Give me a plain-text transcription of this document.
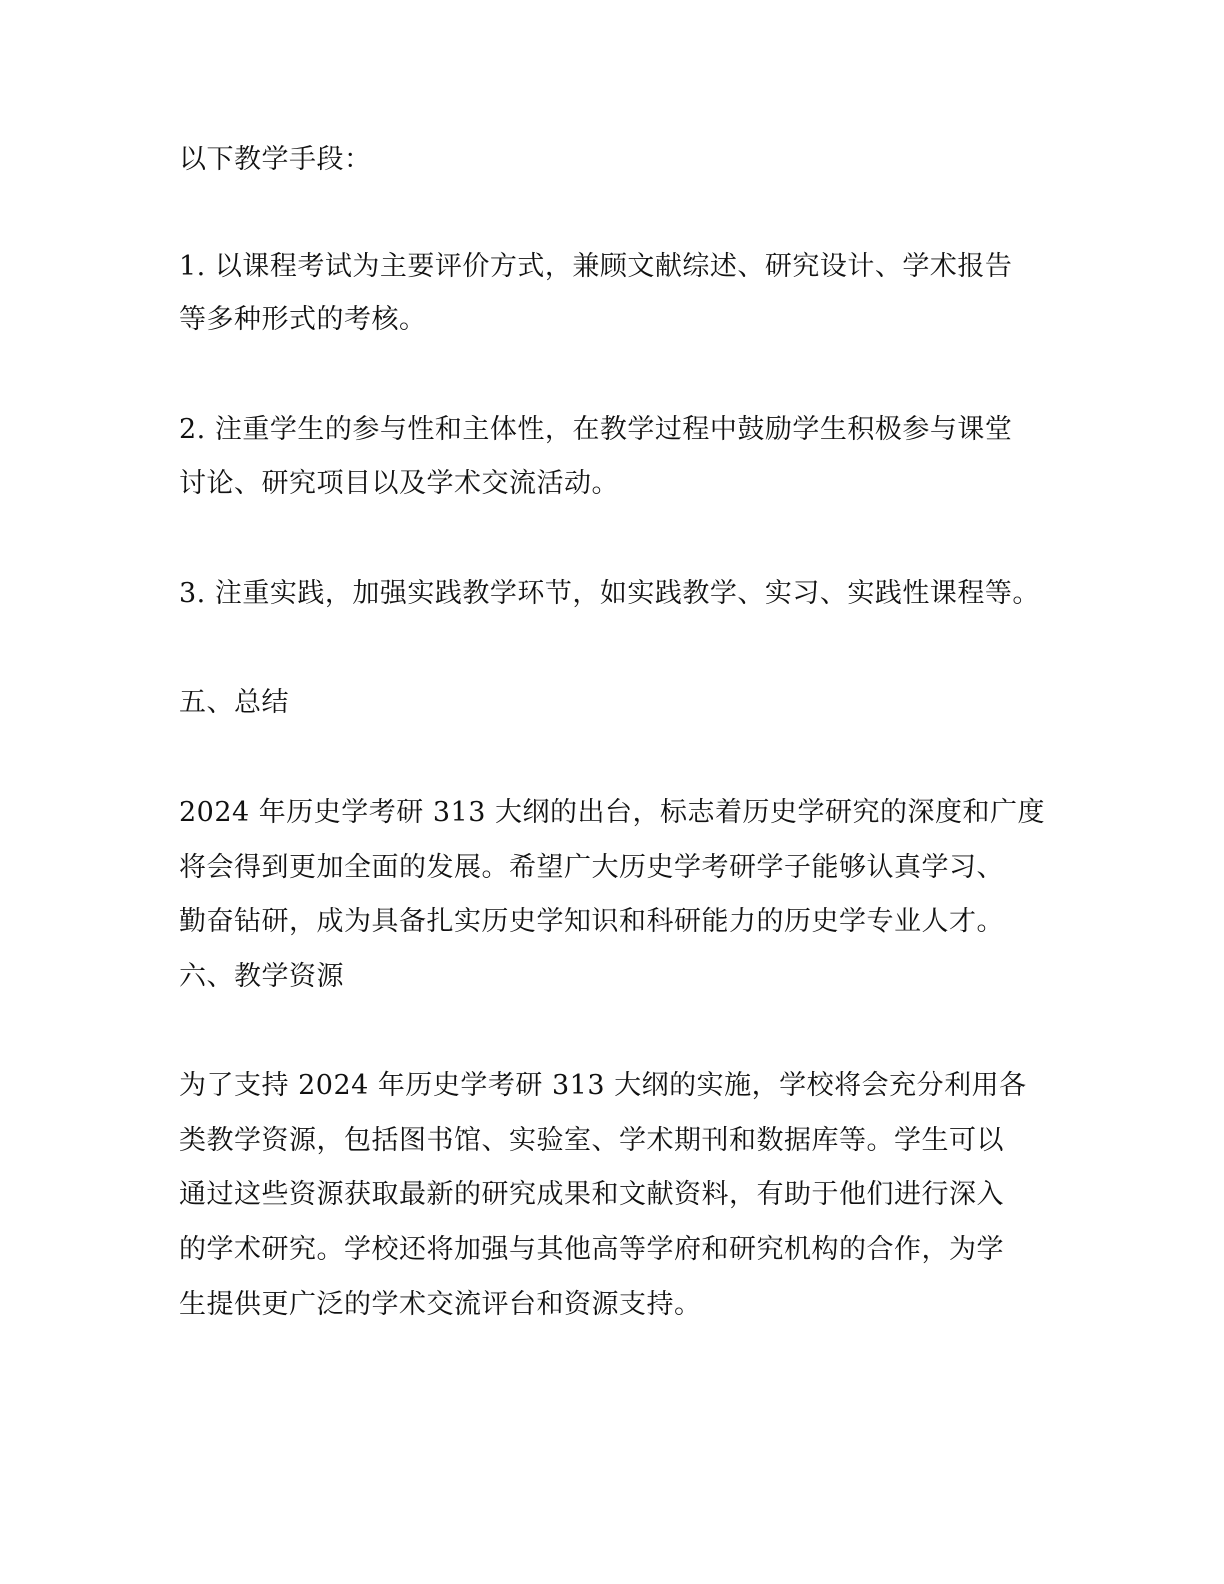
以下教学手段：
1. 以课程考试为主要评价方式，兼顾文献综述、研究设计、学术报告
等多种形式的考核。
2. 注重学生的参与性和主体性，在教学过程中鼓励学生积极参与课堂
讨论、研究项目以及学术交流活动。
3. 注重实践，加强实践教学环节，如实践教学、实习、实践性课程等。
五、总结
2024 年历史学考研 313 大纲的出台，标志着历史学研究的深度和广度
将会得到更加全面的发展。希望广大历史学考研学子能够认真学习、
勤奋钻研，成为具备扎实历史学知识和科研能力的历史学专业人才。
六、教学资源
为了支持 2024 年历史学考研 313 大纲的实施，学校将会充分利用各
类教学资源，包括图书馆、实验室、学术期刊和数据库等。学生可以
通过这些资源获取最新的研究成果和文献资料，有助于他们进行深入
的学术研究。学校还将加强与其他高等学府和研究机构的合作，为学
生提供更广泛的学术交流评台和资源支持。
